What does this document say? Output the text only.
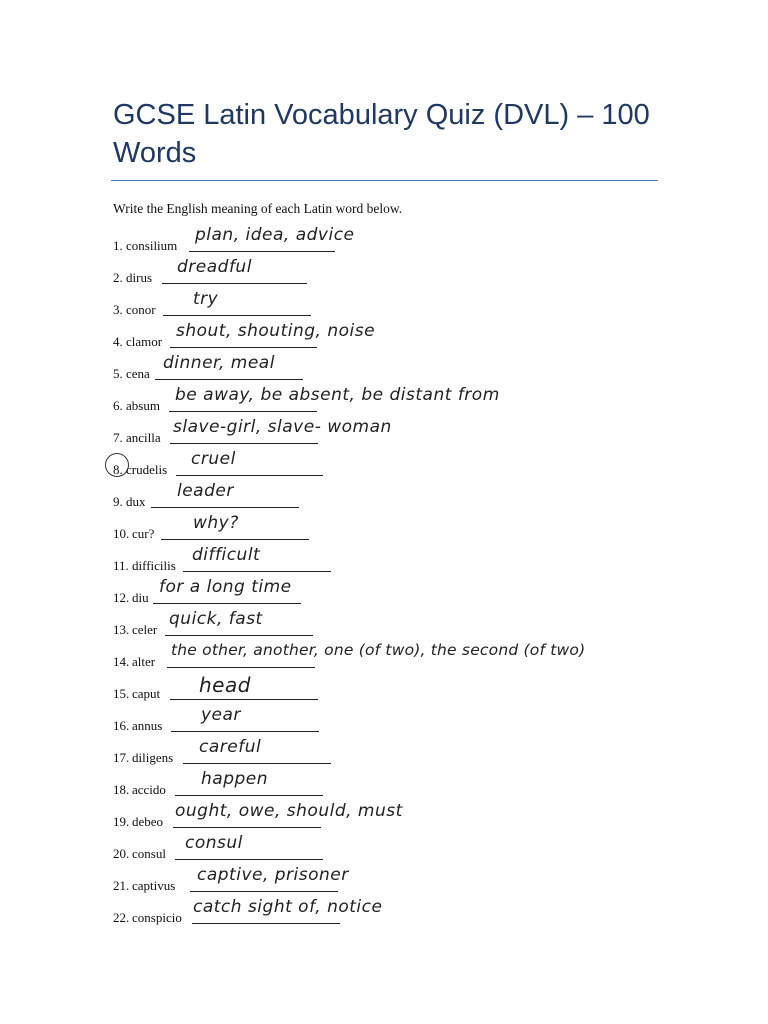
GCSE Latin Vocabulary Quiz (DVL) – 100 Words
Write the English meaning of each Latin word below.
1. consilium
plan, idea, advice
2. dirus
dreadful
3. conor
try
4. clamor
shout, shouting, noise
5. cena
dinner, meal
6. absum
be away, be absent, be distant from
7. ancilla
slave-girl, slave- woman
8. crudelis
cruel
9. dux
leader
10. cur?
why?
11. difficilis
difficult
12. diu
for a long time
13. celer
quick, fast
14. alter
the other, another, one (of two), the second (of two)
15. caput head
16. annus
year
17. diligens
careful
18. accido
happen
19. debeo
ought, owe, should, must
20. consul
consul
21. captivus
captive, prisoner
22. conspicio
catch sight of, notice
